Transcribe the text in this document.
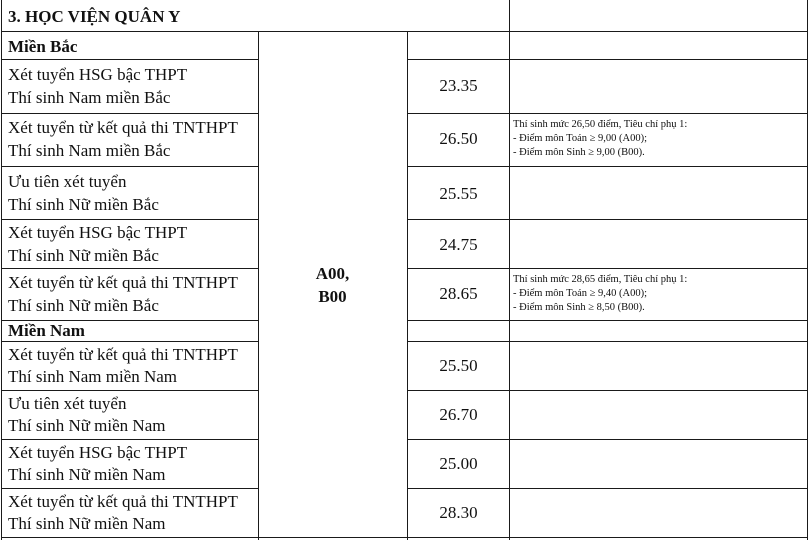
3. HỌC VIỆN QUÂN Y
Miền Bắc
Miền Nam
A00,
B00
Xét tuyển HSG bậc THPT
Thí sinh Nam miền Bắc
23.35
Xét tuyển từ kết quả thi TNTHPT
Thí sinh Nam miền Bắc
26.50
Thí sinh mức 26,50 điểm, Tiêu chí phụ 1:
- Điểm môn Toán ≥ 9,00 (A00);
- Điểm môn Sinh ≥ 9,00 (B00).
Ưu tiên xét tuyển
Thí sinh Nữ miền Bắc
25.55
Xét tuyển HSG bậc THPT
Thí sinh Nữ miền Bắc
24.75
Xét tuyển từ kết quả thi TNTHPT
Thí sinh Nữ miền Bắc
28.65
Thí sinh mức 28,65 điểm, Tiêu chí phụ 1:
- Điểm môn Toán ≥ 9,40 (A00);
- Điểm môn Sinh ≥ 8,50 (B00).
Xét tuyển từ kết quả thi TNTHPT
Thí sinh Nam miền Nam
25.50
Ưu tiên xét tuyển
Thí sinh Nữ miền Nam
26.70
Xét tuyển HSG bậc THPT
Thí sinh Nữ miền Nam
25.00
Xét tuyển từ kết quả thi TNTHPT
Thí sinh Nữ miền Nam
28.30
